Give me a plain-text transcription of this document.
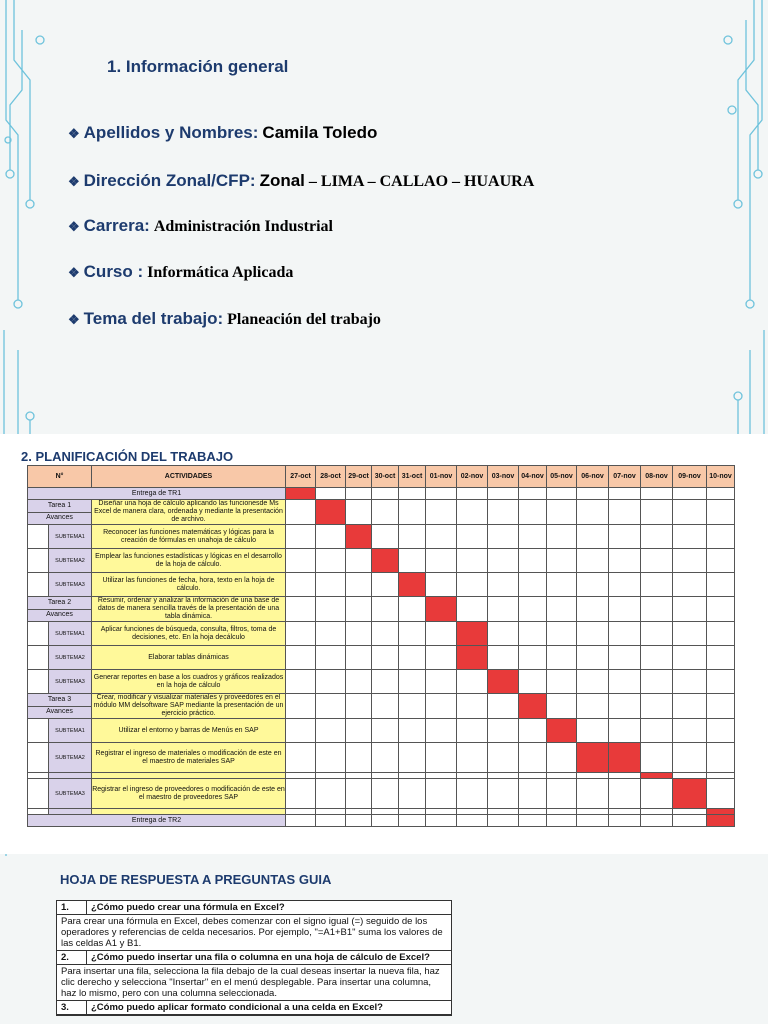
1. Información general
❖ Apellidos y Nombres: Camila Toledo
❖ Dirección Zonal/CFP: Zonal – LIMA – CALLAO – HUAURA
❖ Carrera: Administración Industrial
❖ Curso : Informática Aplicada
❖ Tema del trabajo: Planeación del trabajo
2. PLANIFICACIÓN DEL TRABAJO
N°		ACTIVIDADES	27-oct	28-oct	29-oct	30-oct	31-oct	01-nov	02-nov	03-nov	04-nov	05-nov	06-nov	07-nov	08-nov	09-nov	10-nov
Entrega de TR1																	
Tarea 1		Diseñar una hoja de cálculo aplicando las funcionesde Ms Excel de manera clara, ordenada y mediante la presentación de archivo.															
Avances																	
	SUBTEMA1	Reconocer las funciones matemáticas y lógicas para la creación de fórmulas en unahoja de cálculo															
	SUBTEMA2	Emplear las funciones estadísticas y lógicas en el desarrollo de la hoja de cálculo.															
	SUBTEMA3	Utilizar las funciones de fecha, hora, texto en la hoja de cálculo.															
Tarea 2		Resumir, ordenar y analizar la información de una base de datos de manera sencilla través de la presentación de una tabla dinámica.															
Avances																	
	SUBTEMA1	Aplicar funciones de búsqueda, consulta, filtros, toma de decisiones, etc. En la hoja decálculo															
	SUBTEMA2	Elaborar tablas dinámicas															
	SUBTEMA3	Generar reportes en base a los cuadros y gráficos realizados en la hoja de cálculo															
Tarea 3		Crear, modificar y visualizar materiales y proveedores en el módulo MM delsoftware SAP mediante la presentación de un ejercicio práctico.															
Avances																	
	SUBTEMA1	Utilizar el entorno y barras de Menús en SAP															
	SUBTEMA2	Registrar el ingreso de materiales o modificación de este en el maestro de materiales SAP															

	SUBTEMA3	Registrar el ingreso de proveedores o modificación de este en el maestro de proveedores SAP															

Entrega de TR2																	
HOJA DE RESPUESTA A PREGUNTAS GUIA
1.	¿Cómo puedo crear una fórmula en Excel?
Para crear una fórmula en Excel, debes comenzar con el signo igual (=) seguido de los operadores y referencias de celda necesarios. Por ejemplo, "=A1+B1" suma los valores de las celdas A1 y B1.
2.	¿Cómo puedo insertar una fila o columna en una hoja de cálculo de Excel?
Para insertar una fila, selecciona la fila debajo de la cual deseas insertar la nueva fila, haz clic derecho y selecciona "Insertar" en el menú desplegable. Para insertar una columna, haz lo mismo, pero con una columna seleccionada.
3.	¿Cómo puedo aplicar formato condicional a una celda en Excel?
